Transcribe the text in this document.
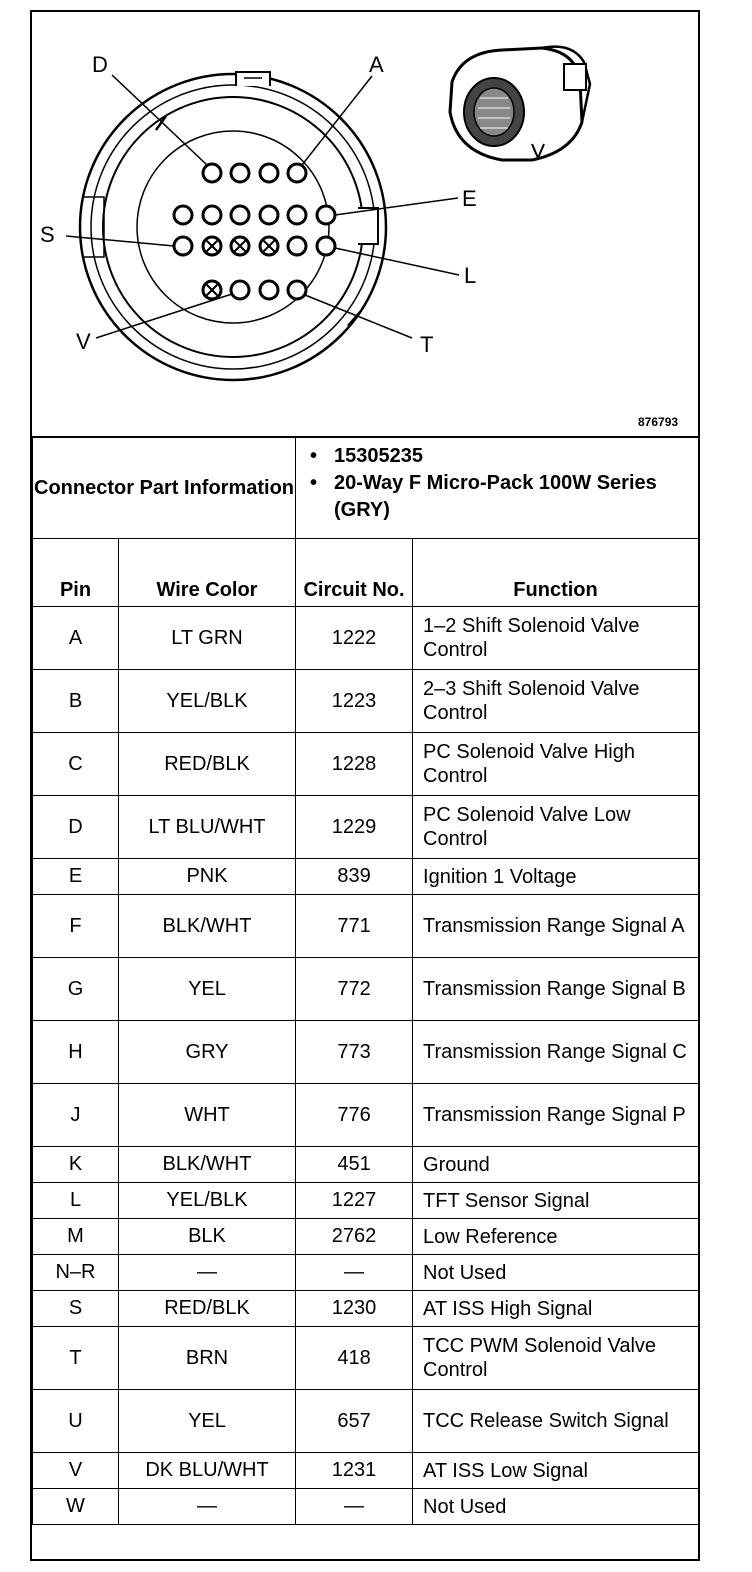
D	A
E
S
L
V	T
876793
Connector Part Information		• 15305235
• 20-Way F Micro-Pack 100W Series (GRY)	

Pin	Wire Color	Circuit No.	Function
A	LT GRN	1222	1–2 Shift Solenoid Valve Control
B	YEL/BLK	1223	2–3 Shift Solenoid Valve Control
C	RED/BLK	1228	PC Solenoid Valve High Control
D	LT BLU/WHT	1229	PC Solenoid Valve Low Control
E	PNK	839	Ignition 1 Voltage
F	BLK/WHT	771	Transmission Range Signal A
G	YEL	772	Transmission Range Signal B
H	GRY	773	Transmission Range Signal C
J	WHT	776	Transmission Range Signal P
K	BLK/WHT	451	Ground
L	YEL/BLK	1227	TFT Sensor Signal
M	BLK	2762	Low Reference
N–R	—	—	Not Used
S	RED/BLK	1230	AT ISS High Signal
T	BRN	418	TCC PWM Solenoid Valve Control
U	YEL	657	TCC Release Switch Signal
V	DK BLU/WHT	1231	AT ISS Low Signal
W	—	—	Not Used
